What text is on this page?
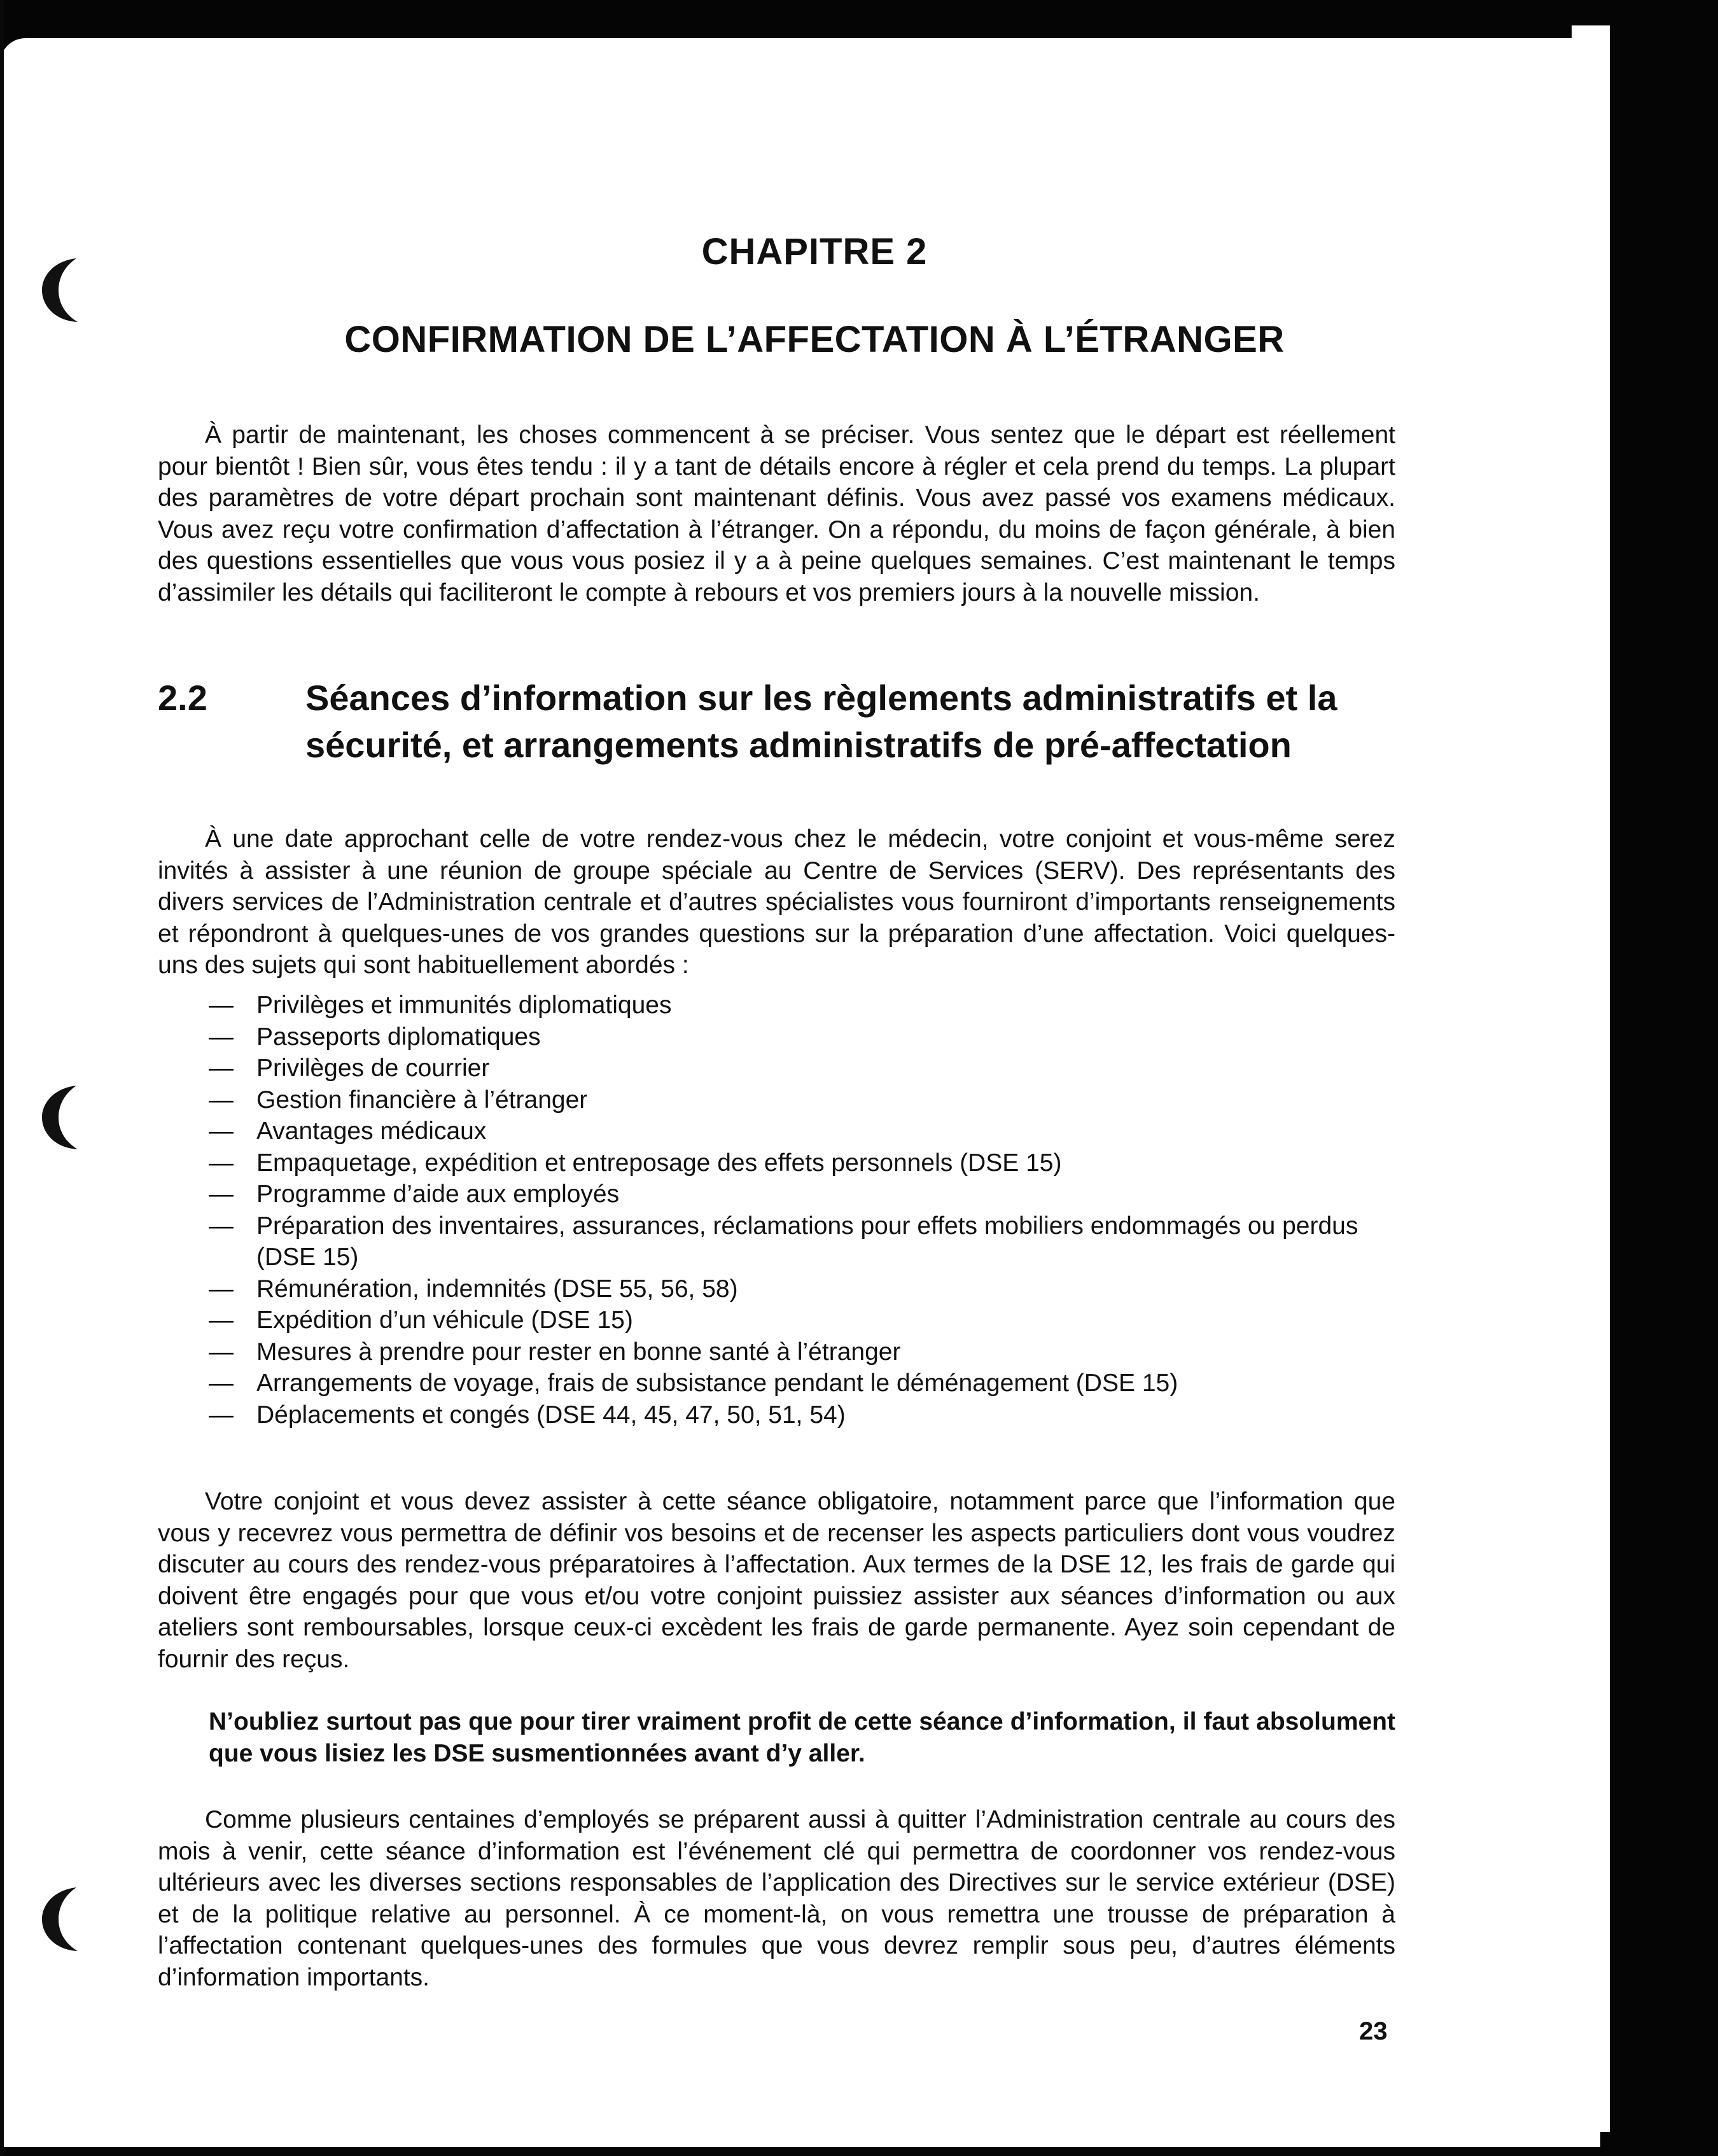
CHAPITRE 2
CONFIRMATION DE L’AFFECTATION À L’ÉTRANGER

À partir de maintenant, les choses commencent à se préciser. Vous sentez que le départ est réellement pour bientôt ! Bien sûr, vous êtes tendu : il y a tant de détails encore à régler et cela prend du temps. La plupart des paramètres de votre départ prochain sont maintenant définis. Vous avez passé vos examens médicaux. Vous avez reçu votre confirmation d’affectation à l’étranger. On a répondu, du moins de façon générale, à bien des questions essentielles que vous vous posiez il y a à peine quelques semaines. C’est maintenant le temps d’assimiler les détails qui faciliteront le compte à rebours et vos premiers jours à la nouvelle mission.

2.2	Séances d’information sur les règlements administratifs et la sécurité, et arrangements administratifs de pré-affectation

À une date approchant celle de votre rendez-vous chez le médecin, votre conjoint et vous-même serez invités à assister à une réunion de groupe spéciale au Centre de Services (SERV). Des représentants des divers services de l’Administration centrale et d’autres spécialistes vous fourniront d’importants renseignements et répondront à quelques-unes de vos grandes questions sur la préparation d’une affectation. Voici quelques-uns des sujets qui sont habituellement abordés :

— Privilèges et immunités diplomatiques
— Passeports diplomatiques
— Privilèges de courrier
— Gestion financière à l’étranger
— Avantages médicaux
— Empaquetage, expédition et entreposage des effets personnels (DSE 15)
— Programme d’aide aux employés
— Préparation des inventaires, assurances, réclamations pour effets mobiliers endommagés ou perdus (DSE 15)
— Rémunération, indemnités (DSE 55, 56, 58)
— Expédition d’un véhicule (DSE 15)
— Mesures à prendre pour rester en bonne santé à l’étranger
— Arrangements de voyage, frais de subsistance pendant le déménagement (DSE 15)
— Déplacements et congés (DSE 44, 45, 47, 50, 51, 54)

Votre conjoint et vous devez assister à cette séance obligatoire, notamment parce que l’information que vous y recevrez vous permettra de définir vos besoins et de recenser les aspects particuliers dont vous voudrez discuter au cours des rendez-vous préparatoires à l’affectation. Aux termes de la DSE 12, les frais de garde qui doivent être engagés pour que vous et/ou votre conjoint puissiez assister aux séances d’information ou aux ateliers sont remboursables, lorsque ceux-ci excèdent les frais de garde permanente. Ayez soin cependant de fournir des reçus.

N’oubliez surtout pas que pour tirer vraiment profit de cette séance d’information, il faut absolument que vous lisiez les DSE susmentionnées avant d’y aller.

Comme plusieurs centaines d’employés se préparent aussi à quitter l’Administration centrale au cours des mois à venir, cette séance d’information est l’événement clé qui permettra de coordonner vos rendez-vous ultérieurs avec les diverses sections responsables de l’application des Directives sur le service extérieur (DSE) et de la politique relative au personnel. À ce moment-là, on vous remettra une trousse de préparation à l’affectation contenant quelques-unes des formules que vous devrez remplir sous peu, d’autres éléments d’information importants.

23
